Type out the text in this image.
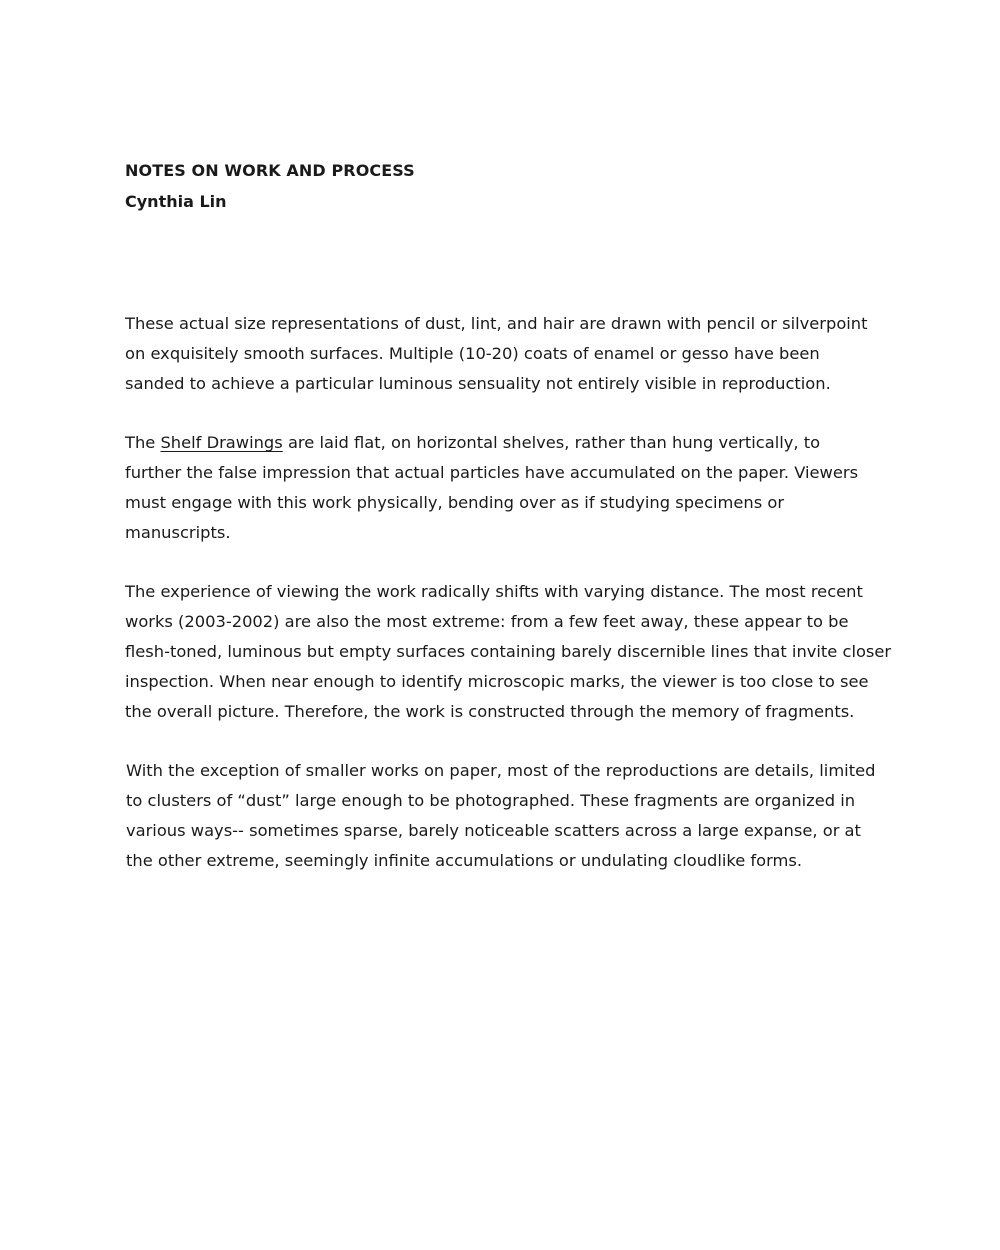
NOTES ON WORK AND PROCESS
Cynthia Lin
These actual size representations of dust, lint, and hair are drawn with pencil or silverpoint
on exquisitely smooth surfaces. Multiple (10-20) coats of enamel or gesso have been
sanded to achieve a particular luminous sensuality not entirely visible in reproduction.
The Shelf Drawings are laid flat, on horizontal shelves, rather than hung vertically, to
further the false impression that actual particles have accumulated on the paper. Viewers
must engage with this work physically, bending over as if studying specimens or
manuscripts.
The experience of viewing the work radically shifts with varying distance. The most recent
works (2003-2002) are also the most extreme: from a few feet away, these appear to be
flesh-toned, luminous but empty surfaces containing barely discernible lines that invite closer
inspection. When near enough to identify microscopic marks, the viewer is too close to see
the overall picture. Therefore, the work is constructed through the memory of fragments.
With the exception of smaller works on paper, most of the reproductions are details, limited
to clusters of “dust” large enough to be photographed. These fragments are organized in
various ways-- sometimes sparse, barely noticeable scatters across a large expanse, or at
the other extreme, seemingly infinite accumulations or undulating cloudlike forms.
